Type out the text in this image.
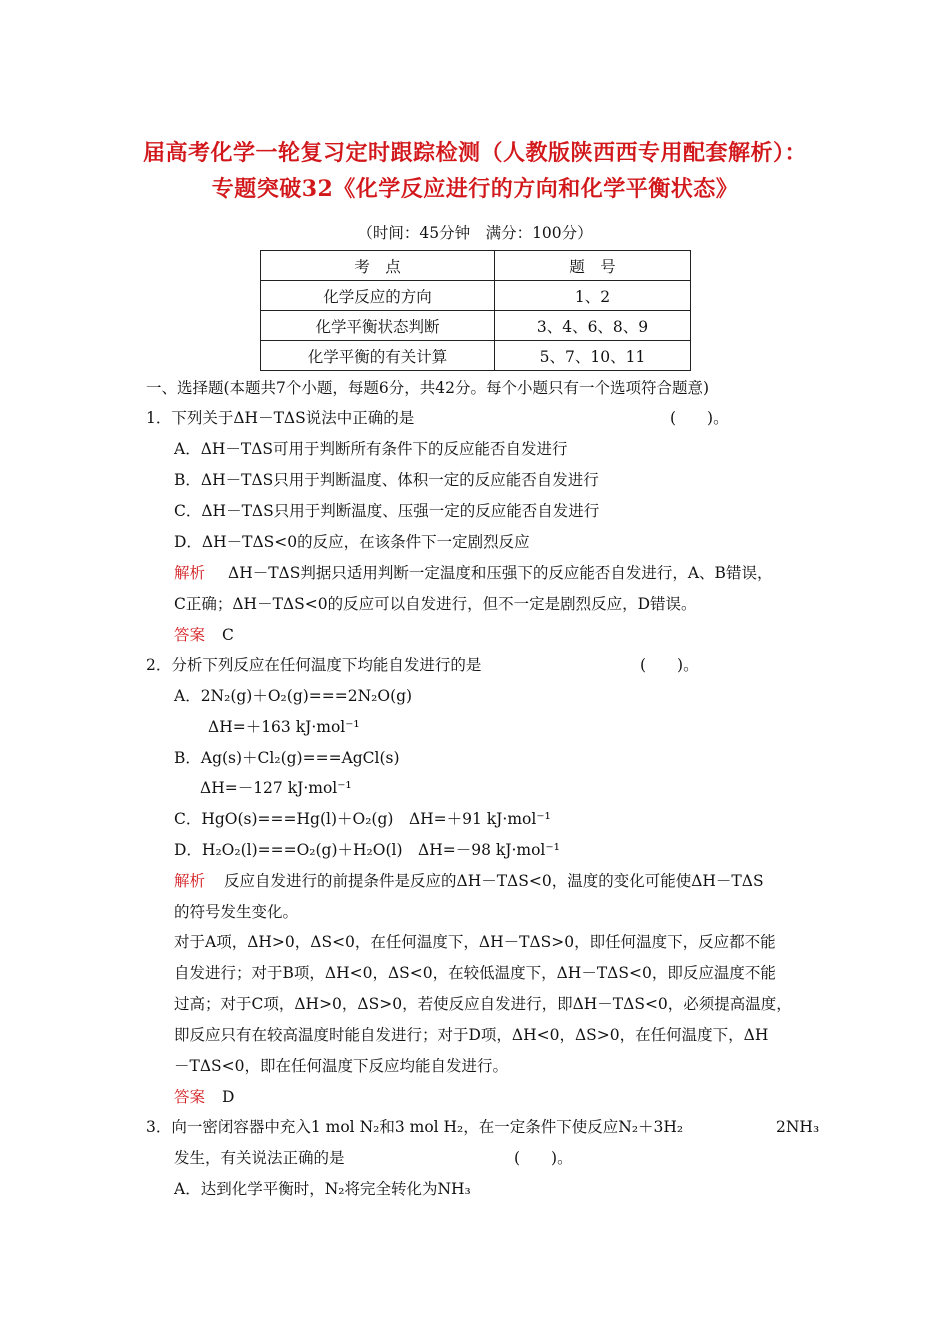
届高考化学一轮复习定时跟踪检测（人教版陕西西专用配套解析）：
专题突破32《化学反应进行的方向和化学平衡状态》
（时间：45分钟　满分：100分）
考　点	题　号
化学反应的方向	1、2
化学平衡状态判断	3、4、6、8、9
化学平衡的有关计算	5、7、10、11
一、选择题(本题共7个小题，每题6分，共42分。每个小题只有一个选项符合题意)
1．下列关于ΔH－TΔS说法中正确的是	(　　)。
A．ΔH－TΔS可用于判断所有条件下的反应能否自发进行
B．ΔH－TΔS只用于判断温度、体积一定的反应能否自发进行
C．ΔH－TΔS只用于判断温度、压强一定的反应能否自发进行
D．ΔH－TΔS<0的反应，在该条件下一定剧烈反应
解析 ΔH－TΔS判据只适用判断一定温度和压强下的反应能否自发进行，A、B错误，
C正确；ΔH－TΔS<0的反应可以自发进行，但不一定是剧烈反应，D错误。
答案 C
2．分析下列反应在任何温度下均能自发进行的是	(　　)。
A．2N₂(g)＋O₂(g)===2N₂O(g)
ΔH=＋163 kJ·mol⁻¹
B．Ag(s)＋Cl₂(g)===AgCl(s)
ΔH=－127 kJ·mol⁻¹
C．HgO(s)===Hg(l)＋O₂(g)　ΔH=＋91 kJ·mol⁻¹
D．H₂O₂(l)===O₂(g)＋H₂O(l)　ΔH=－98 kJ·mol⁻¹
解析 反应自发进行的前提条件是反应的ΔH－TΔS<0，温度的变化可能使ΔH－TΔS
的符号发生变化。
对于A项，ΔH>0，ΔS<0，在任何温度下，ΔH－TΔS>0，即任何温度下，反应都不能
自发进行；对于B项，ΔH<0，ΔS<0，在较低温度下，ΔH－TΔS<0，即反应温度不能
过高；对于C项，ΔH>0，ΔS>0，若使反应自发进行，即ΔH－TΔS<0，必须提高温度，
即反应只有在较高温度时能自发进行；对于D项，ΔH<0，ΔS>0，在任何温度下，ΔH
－TΔS<0，即在任何温度下反应均能自发进行。
答案 D
3．向一密闭容器中充入1 mol N₂和3 mol H₂，在一定条件下使反应N₂＋3H₂	2NH₃
发生，有关说法正确的是	(　　)。
A．达到化学平衡时，N₂将完全转化为NH₃
